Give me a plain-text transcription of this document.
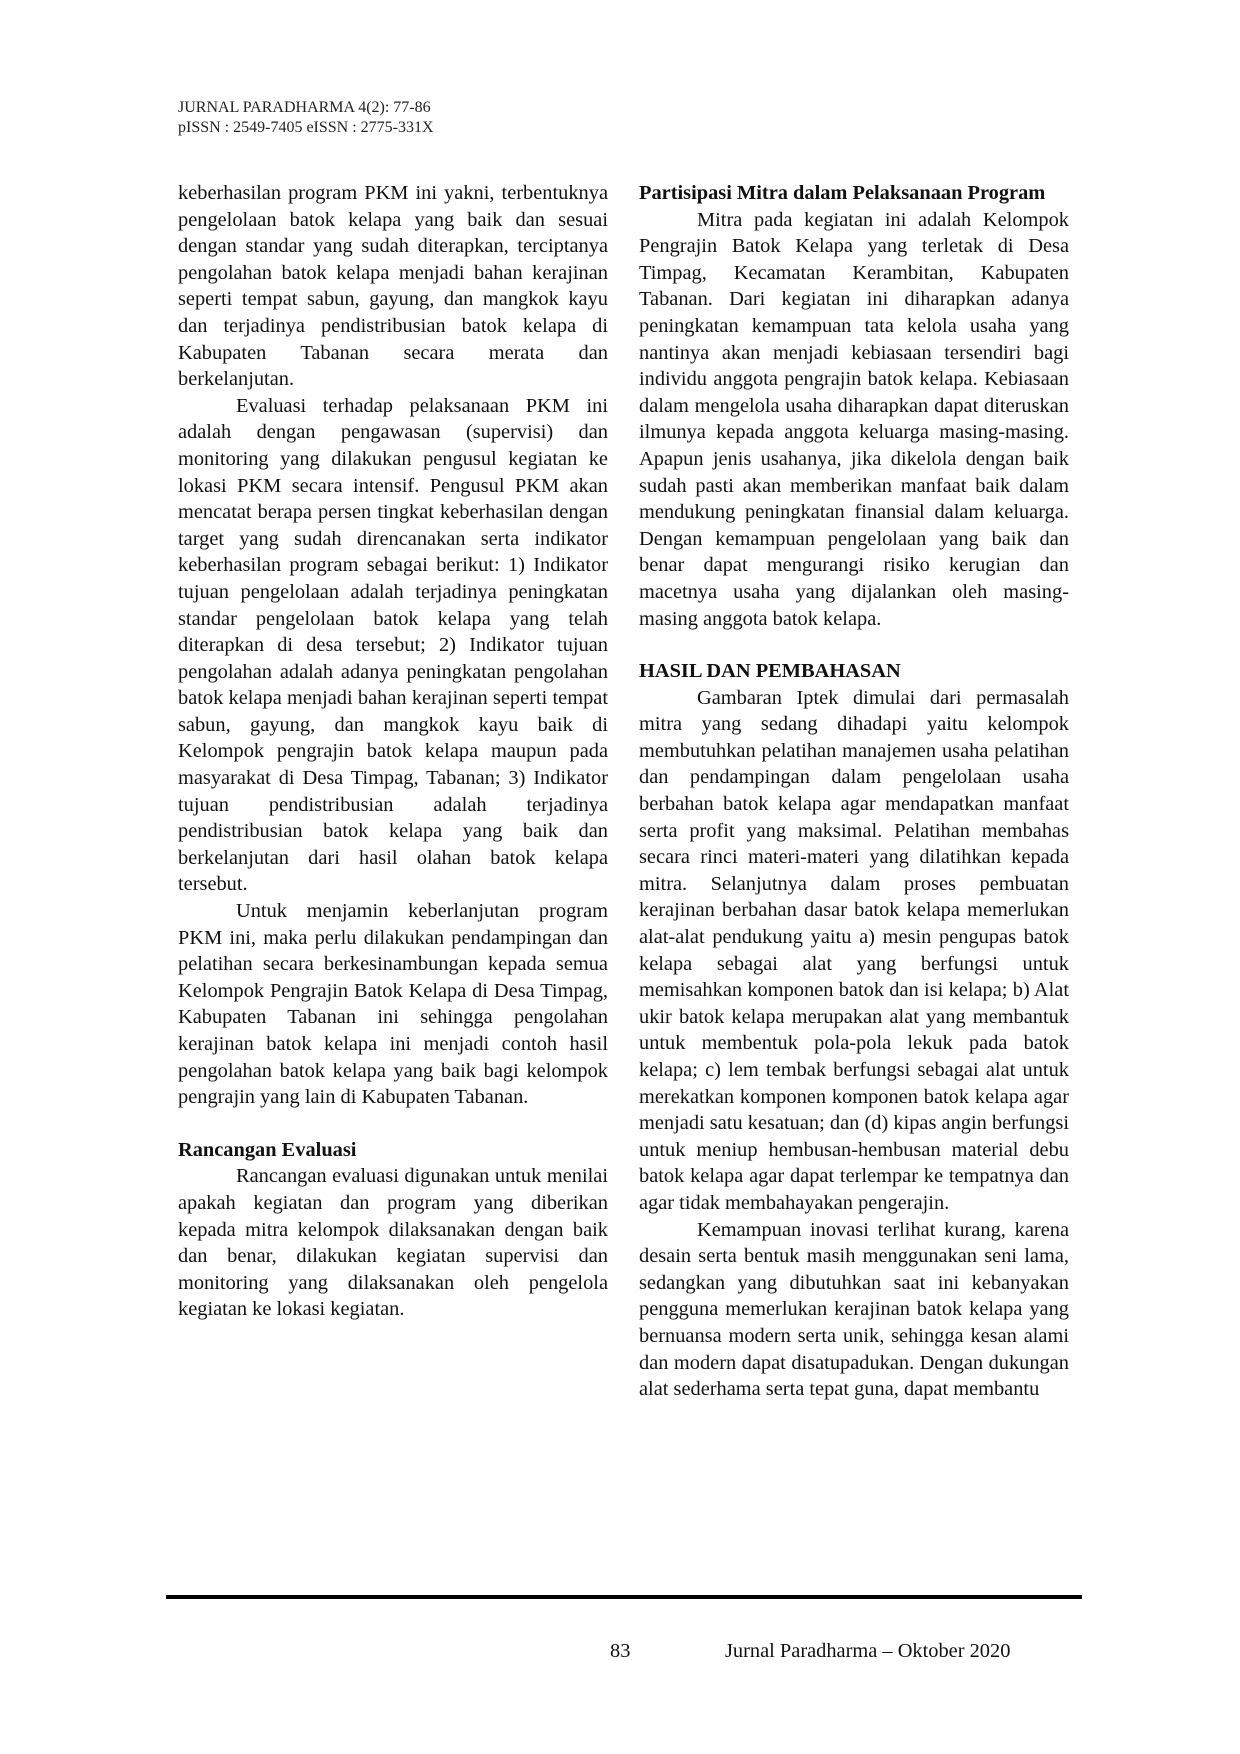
JURNAL PARADHARMA 4(2): 77-86
pISSN : 2549-7405 eISSN : 2775-331X

keberhasilan program PKM ini yakni, terbentuknya pengelolaan batok kelapa yang baik dan sesuai dengan standar yang sudah diterapkan, terciptanya pengolahan batok kelapa menjadi bahan kerajinan seperti tempat sabun, gayung, dan mangkok kayu dan terjadinya pendistribusian batok kelapa di Kabupaten Tabanan secara merata dan berkelanjutan.

Evaluasi terhadap pelaksanaan PKM ini adalah dengan pengawasan (supervisi) dan monitoring yang dilakukan pengusul kegiatan ke lokasi PKM secara intensif. Pengusul PKM akan mencatat berapa persen tingkat keberhasilan dengan target yang sudah direncanakan serta indikator keberhasilan program sebagai berikut: 1) Indikator tujuan pengelolaan adalah terjadinya peningkatan standar pengelolaan batok kelapa yang telah diterapkan di desa tersebut; 2) Indikator tujuan pengolahan adalah adanya peningkatan pengolahan batok kelapa menjadi bahan kerajinan seperti tempat sabun, gayung, dan mangkok kayu baik di Kelompok pengrajin batok kelapa maupun pada masyarakat di Desa Timpag, Tabanan; 3) Indikator tujuan pendistribusian adalah terjadinya pendistribusian batok kelapa yang baik dan berkelanjutan dari hasil olahan batok kelapa tersebut.

Untuk menjamin keberlanjutan program PKM ini, maka perlu dilakukan pendampingan dan pelatihan secara berkesinambungan kepada semua Kelompok Pengrajin Batok Kelapa di Desa Timpag, Kabupaten Tabanan ini sehingga pengolahan kerajinan batok kelapa ini menjadi contoh hasil pengolahan batok kelapa yang baik bagi kelompok pengrajin yang lain di Kabupaten Tabanan.

Rancangan Evaluasi

Rancangan evaluasi digunakan untuk menilai apakah kegiatan dan program yang diberikan kepada mitra kelompok dilaksanakan dengan baik dan benar, dilakukan kegiatan supervisi dan monitoring yang dilaksanakan oleh pengelola kegiatan ke lokasi kegiatan.

Partisipasi Mitra dalam Pelaksanaan Program

Mitra pada kegiatan ini adalah Kelompok Pengrajin Batok Kelapa yang terletak di Desa Timpag, Kecamatan Kerambitan, Kabupaten Tabanan. Dari kegiatan ini diharapkan adanya peningkatan kemampuan tata kelola usaha yang nantinya akan menjadi kebiasaan tersendiri bagi individu anggota pengrajin batok kelapa. Kebiasaan dalam mengelola usaha diharapkan dapat diteruskan ilmunya kepada anggota keluarga masing-masing. Apapun jenis usahanya, jika dikelola dengan baik sudah pasti akan memberikan manfaat baik dalam mendukung peningkatan finansial dalam keluarga. Dengan kemampuan pengelolaan yang baik dan benar dapat mengurangi risiko kerugian dan macetnya usaha yang dijalankan oleh masing-masing anggota batok kelapa.

HASIL DAN PEMBAHASAN

Gambaran Iptek dimulai dari permasalah mitra yang sedang dihadapi yaitu kelompok membutuhkan pelatihan manajemen usaha pelatihan dan pendampingan dalam pengelolaan usaha berbahan batok kelapa agar mendapatkan manfaat serta profit yang maksimal. Pelatihan membahas secara rinci materi-materi yang dilatihkan kepada mitra. Selanjutnya dalam proses pembuatan kerajinan berbahan dasar batok kelapa memerlukan alat-alat pendukung yaitu a) mesin pengupas batok kelapa sebagai alat yang berfungsi untuk memisahkan komponen batok dan isi kelapa; b) Alat ukir batok kelapa merupakan alat yang membantuk untuk membentuk pola-pola lekuk pada batok kelapa; c) lem tembak berfungsi sebagai alat untuk merekatkan komponen komponen batok kelapa agar menjadi satu kesatuan; dan (d) kipas angin berfungsi untuk meniup hembusan-hembusan material debu batok kelapa agar dapat terlempar ke tempatnya dan agar tidak membahayakan pengerajin.

Kemampuan inovasi terlihat kurang, karena desain serta bentuk masih menggunakan seni lama, sedangkan yang dibutuhkan saat ini kebanyakan pengguna memerlukan kerajinan batok kelapa yang bernuansa modern serta unik, sehingga kesan alami dan modern dapat disatupadukan. Dengan dukungan alat sederhama serta tepat guna, dapat membantu

83	Jurnal Paradharma – Oktober 2020
